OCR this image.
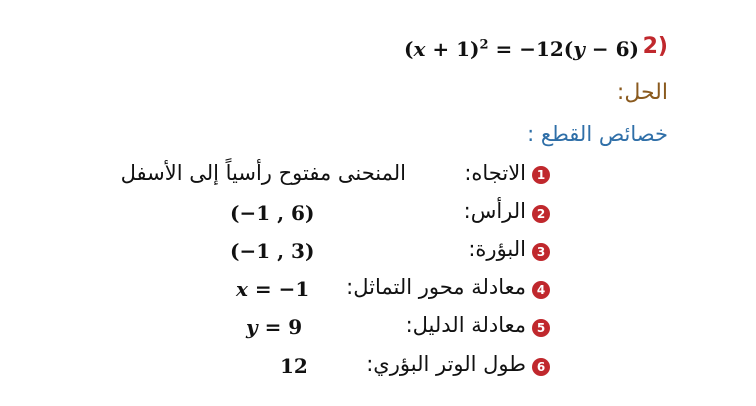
$(x + 1)^2 = -12(y - 6)$ 2)
الحل:
خصائص القطع :
1
الاتجاه:
المنحنى مفتوح رأسياً إلى الأسفل
2
الرأس:
(−1 , 6)
3
البؤرة:
(−1 , 3)
4
معادلة محور التماثل:
x = −1
5
معادلة الدليل:
y = 9
6
طول الوتر البؤري:
12
